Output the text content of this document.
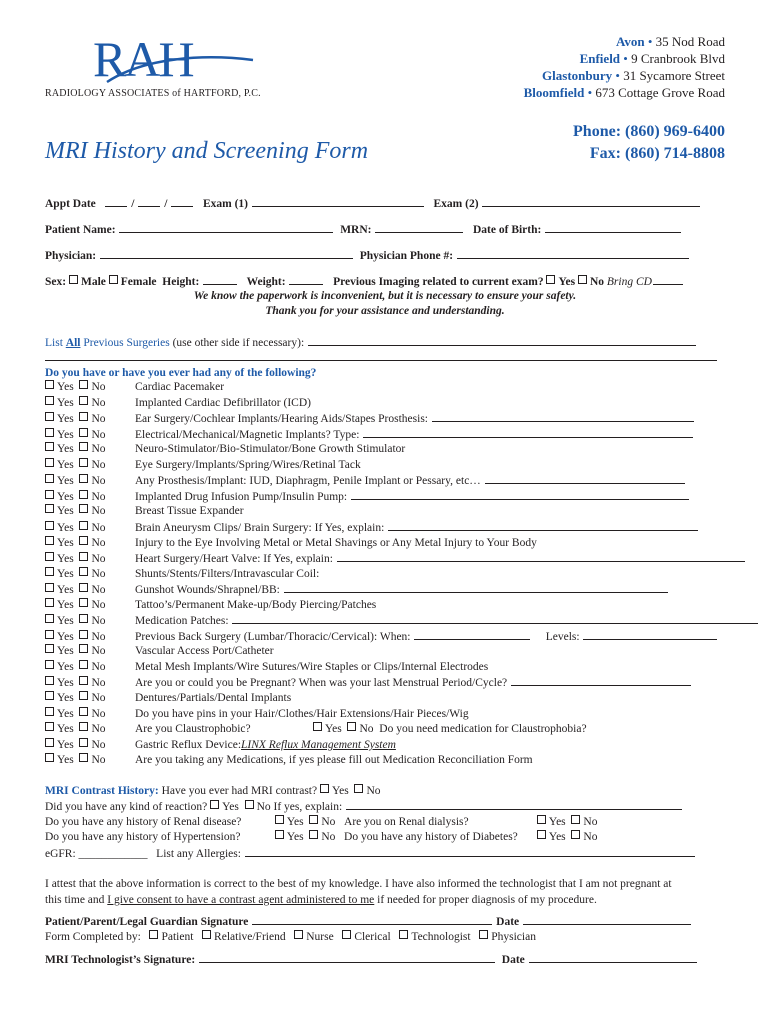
RAH
RADIOLOGY ASSOCIATES of HARTFORD, P.C.
Avon • 35 Nod Road
Enfield • 9 Cranbrook Blvd
Glastonbury • 31 Sycamore Street
Bloomfield • 673 Cottage Grove Road
MRI History and Screening Form
Phone: (860) 969-6400
Fax: (860) 714-8808
Appt Date	/	/	Exam (1)	Exam (2)
Patient Name:	MRN:	Date of Birth:
Physician:	Physician Phone #:
Sex: Male Female Height:	Weight:	Previous Imaging related to current exam? Yes No Bring CD
We know the paperwork is inconvenient, but it is necessary to ensure your safety.
Thank you for your assistance and understanding.
List All Previous Surgeries (use other side if necessary):
Do you have or have you ever had any of the following?
Yes No	Cardiac Pacemaker
Yes No	Implanted Cardiac Defibrillator (ICD)
Yes No	Ear Surgery/Cochlear Implants/Hearing Aids/Stapes Prosthesis:
Yes No	Electrical/Mechanical/Magnetic Implants? Type:
Yes No	Neuro-Stimulator/Bio-Stimulator/Bone Growth Stimulator
Yes No	Eye Surgery/Implants/Spring/Wires/Retinal Tack
Yes No	Any Prosthesis/Implant: IUD, Diaphragm, Penile Implant or Pessary, etc…
Yes No	Implanted Drug Infusion Pump/Insulin Pump:
Yes No	Breast Tissue Expander
Yes No	Brain Aneurysm Clips/ Brain Surgery: If Yes, explain:
Yes No	Injury to the Eye Involving Metal or Metal Shavings or Any Metal Injury to Your Body
Yes No	Heart Surgery/Heart Valve: If Yes, explain:
Yes No	Shunts/Stents/Filters/Intravascular Coil:
Yes No	Gunshot Wounds/Shrapnel/BB:
Yes No	Tattoo’s/Permanent Make-up/Body Piercing/Patches
Yes No	Medication Patches:
Yes No	Previous Back Surgery (Lumbar/Thoracic/Cervical): When:	Levels:
Yes No	Vascular Access Port/Catheter
Yes No	Metal Mesh Implants/Wire Sutures/Wire Staples or Clips/Internal Electrodes
Yes No	Are you or could you be Pregnant? When was your last Menstrual Period/Cycle?
Yes No	Dentures/Partials/Dental Implants
Yes No	Do you have pins in your Hair/Clothes/Hair Extensions/Hair Pieces/Wig
Yes No	Are you Claustrophobic?	Yes No Do you need medication for Claustrophobia?
Yes No	Gastric Reflux Device:LINX Reflux Management System
Yes No	Are you taking any Medications, if yes please fill out Medication Reconciliation Form
MRI Contrast History: Have you ever had MRI contrast? Yes No
Did you have any kind of reaction? Yes No If yes, explain:
Do you have any history of Renal disease?	Yes No Are you on Renal dialysis?	Yes No
Do you have any history of Hypertension?	Yes No Do you have any history of Diabetes?	Yes No
eGFR: ____________ List any Allergies:
I attest that the above information is correct to the best of my knowledge. I have also informed the technologist that I am not pregnant at
this time and I give consent to have a contrast agent administered to me if needed for proper diagnosis of my procedure.
Patient/Parent/Legal Guardian Signature	Date
Form Completed by: Patient Relative/Friend Nurse Clerical Technologist Physician
MRI Technologist’s Signature:	Date
